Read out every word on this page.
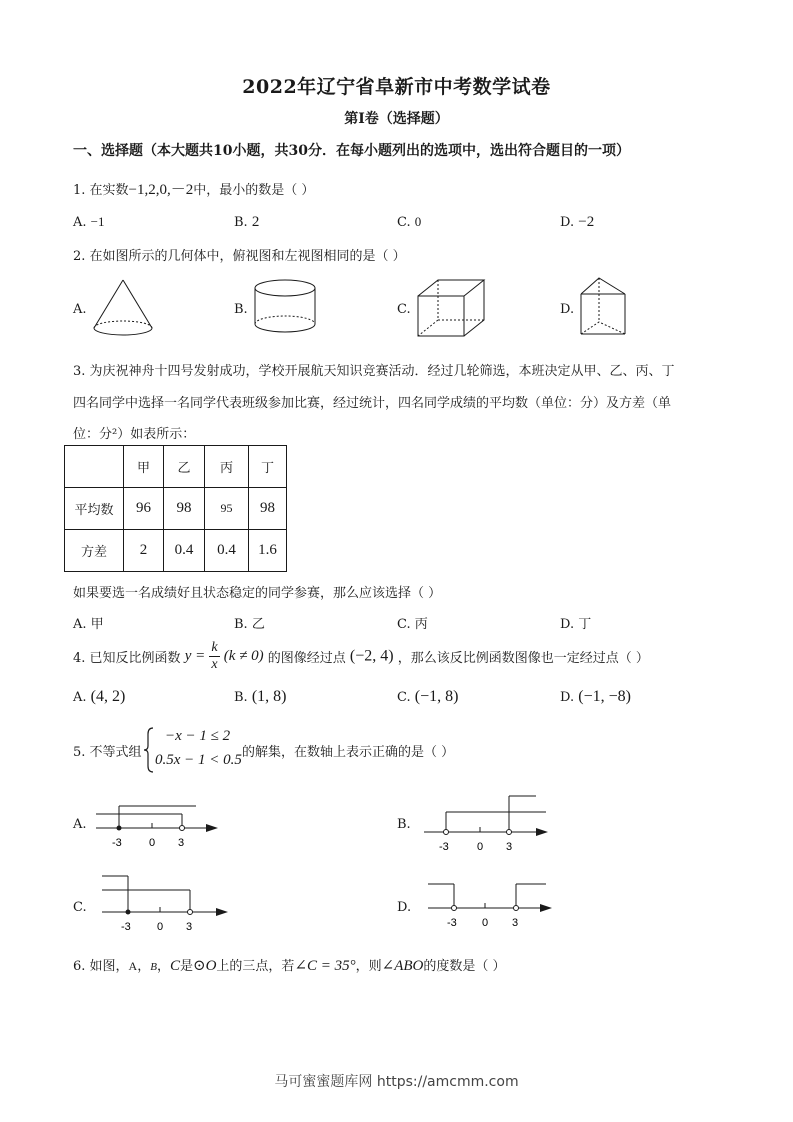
2022年辽宁省阜新市中考数学试卷
第I卷（选择题）
一、选择题（本大题共10小题，共30分．在每小题列出的选项中，选出符合题目的一项）
1. 在实数−1,2,0,－2中，最小的数是（ ）
A. −1	B. 2	C. 0	D. −2
2. 在如图所示的几何体中，俯视图和左视图相同的是（ ）
A.	B.	C.	D.
3. 为庆祝神舟十四号发射成功，学校开展航天知识竞赛活动．经过几轮筛选，本班决定从甲、乙、丙、丁
四名同学中选择一名同学代表班级参加比赛，经过统计，四名同学成绩的平均数（单位：分）及方差（单
位：分²）如表所示：
	甲	乙	丙	丁
平均数	96	98	95	98
方差	2	0.4	0.4	1.6
如果要选一名成绩好且状态稳定的同学参赛，那么应该选择（ ）
A. 甲	B. 乙	C. 丙	D. 丁
4. 已知反比例函数 $y = \frac{k}{x} (k \ne 0)$ 的图像经过点 (−2, 4) ，那么该反比例函数图像也一定经过点（ ）
A. (4, 2)	B. (1, 8)	C. (−1, 8)	D. (−1, −8)
5. 不等式组
−x − 1 ≤ 2
0.5x − 1 < 0.5 的解集，在数轴上表示正确的是（ ）
A.
-3 0 3
B.
-3	0 3
C.
-3 0 3
D.
-3 0 3
6. 如图，A，B，C是⊙O上的三点，若∠C = 35°，则∠ABO的度数是（ ）
马可蜜蜜题库网 https://amcmm.com
